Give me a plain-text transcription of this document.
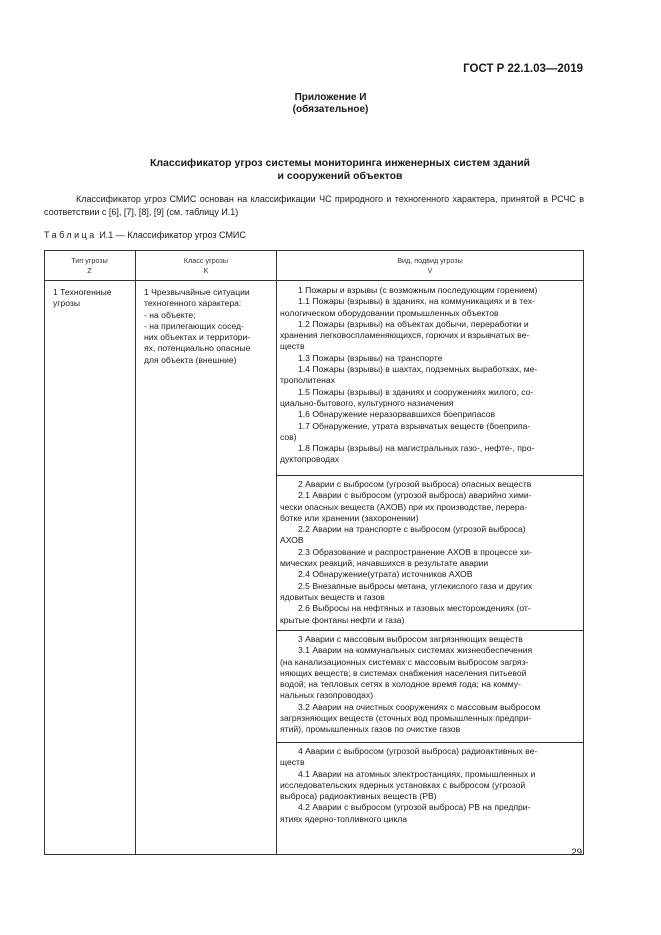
ГОСТ Р 22.1.03—2019
Приложение И
(обязательное)
Классификатор угроз системы мониторинга инженерных систем зданий
и сооружений объектов
Классификатор угроз СМИС основан на классификации ЧС природного и техногенного характера, принятой в РСЧС в соответствии с [6], [7], [8], [9] (см. таблицу И.1)
Таблица И.1 — Классификатор угроз СМИС
Тип угрозы
Z
Класс угрозы
K
Вид, подвид угрозы
V
1 Техногенные
угрозы
1 Чрезвычайные ситуации
техногенного характера:
- на объекте;
- на прилегающих сосед-
них объектах и территори-
ях, потенциально опасные
для объекта (внешние)
1 Пожары и взрывы (с возможным последующим горением)
1.1 Пожары (взрывы) в зданиях, на коммуникациях и в тех-
нологическом оборудовании промышленных объектов
1.2 Пожары (взрывы) на объектах добычи, переработки и
хранения легковоспламеняющихся, горючих и взрывчатых ве-
ществ
1.3 Пожары (взрывы) на транспорте
1.4 Пожары (взрывы) в шахтах, подземных выработках, ме-
трополитенах
1.5 Пожары (взрывы) в зданиях и сооружениях жилого, со-
циально-бытового, культурного назначения
1.6 Обнаружение неразорвавшихся боеприпасов
1.7 Обнаружение, утрата взрывчатых веществ (боеприпа-
сов)
1.8 Пожары (взрывы) на магистральных газо-, нефте-, про-
дуктопроводах
2 Аварии с выбросом (угрозой выброса) опасных веществ
2.1 Аварии с выбросом (угрозой выброса) аварийно хими-
чески опасных веществ (АХОВ) при их производстве, перера-
ботке или хранении (захоронении)
2.2 Аварии на транспорте с выбросом (угрозой выброса)
АХОВ
2.3 Образование и распространение АХОВ в процессе хи-
мических реакций, начавшихся в результате аварии
2.4 Обнаружение(утрата) источников АХОВ
2.5 Внезапные выбросы метана, углекислого газа и других
ядовитых веществ и газов
2.6 Выбросы на нефтяных и газовых месторождениях (от-
крытые фонтаны нефти и газа)
3 Аварии с массовым выбросом загрязняющих веществ
3.1 Аварии на коммунальных системах жизнеобеспечения
(на канализационных системах с массовым выбросом загряз-
няющих веществ; в системах снабжения населения питьевой
водой; на тепловых сетях в холодное время года; на комму-
нальных газопроводах)
3.2 Аварии на очистных сооружениях с массовым выбросом
загрязняющих веществ (сточных вод промышленных предпри-
ятий), промышленных газов по очистке газов
4 Аварии с выбросом (угрозой выброса) радиоактивных ве-
ществ
4.1 Аварии на атомных электростанциях, промышленных и
исследовательских ядерных установках с выбросом (угрозой
выброса) радиоактивных веществ (РВ)
4.2 Аварии с выбросом (угрозой выброса) РВ на предпри-
ятиях ядерно-топливного цикла
29
